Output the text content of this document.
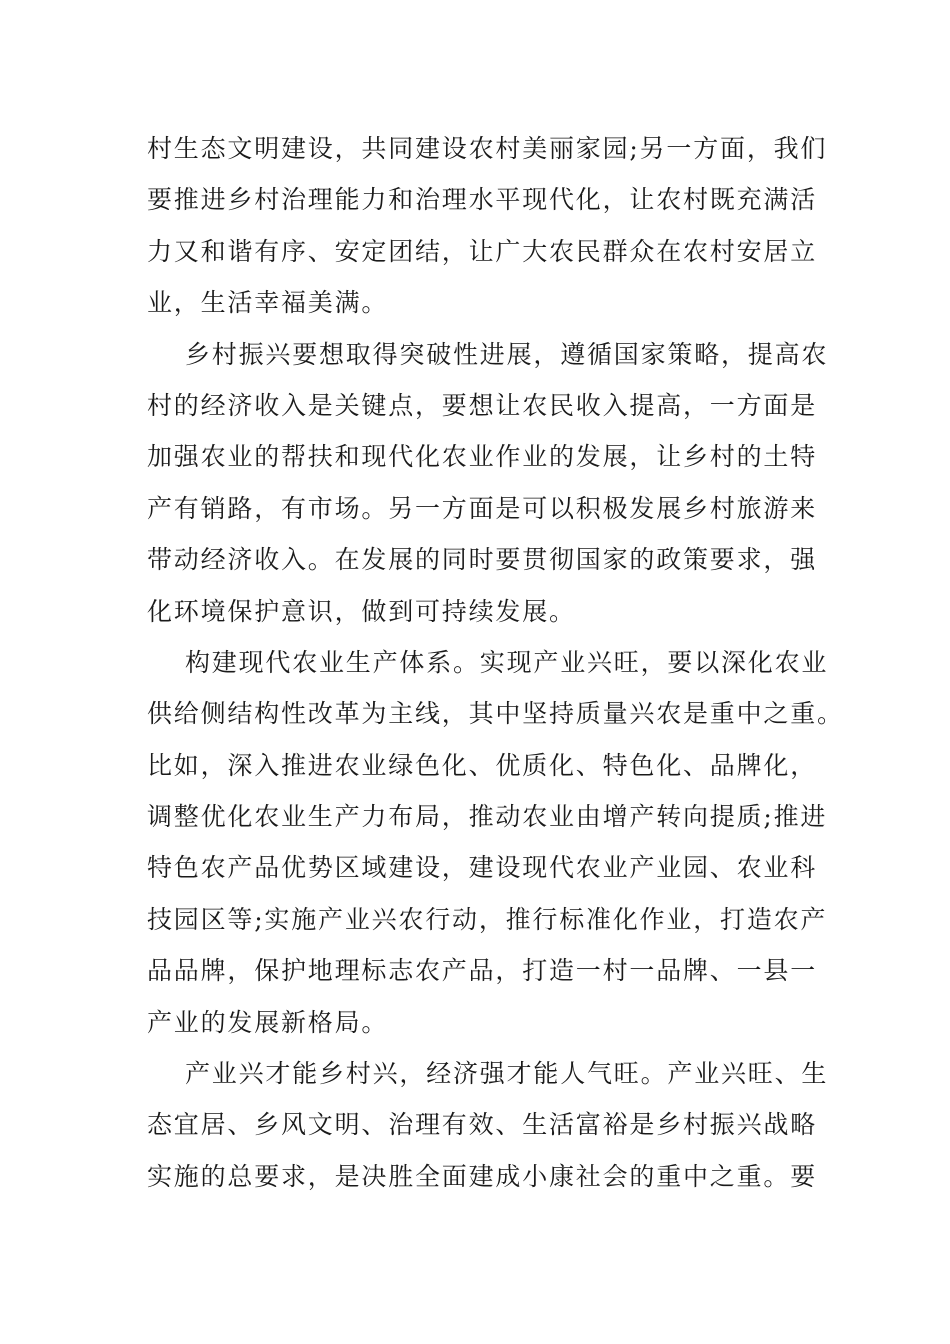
村生态文明建设，共同建设农村美丽家园;另一方面，我们
要推进乡村治理能力和治理水平现代化，让农村既充满活
力又和谐有序、安定团结，让广大农民群众在农村安居立
业，生活幸福美满。

乡村振兴要想取得突破性进展，遵循国家策略，提高农
村的经济收入是关键点，要想让农民收入提高，一方面是
加强农业的帮扶和现代化农业作业的发展，让乡村的土特
产有销路，有市场。另一方面是可以积极发展乡村旅游来
带动经济收入。在发展的同时要贯彻国家的政策要求，强
化环境保护意识，做到可持续发展。

构建现代农业生产体系。实现产业兴旺，要以深化农业
供给侧结构性改革为主线，其中坚持质量兴农是重中之重。
比如，深入推进农业绿色化、优质化、特色化、品牌化，
调整优化农业生产力布局，推动农业由增产转向提质;推进
特色农产品优势区域建设，建设现代农业产业园、农业科
技园区等;实施产业兴农行动，推行标准化作业，打造农产
品品牌，保护地理标志农产品，打造一村一品牌、一县一
产业的发展新格局。

产业兴才能乡村兴，经济强才能人气旺。产业兴旺、生
态宜居、乡风文明、治理有效、生活富裕是乡村振兴战略
实施的总要求，是决胜全面建成小康社会的重中之重。要
